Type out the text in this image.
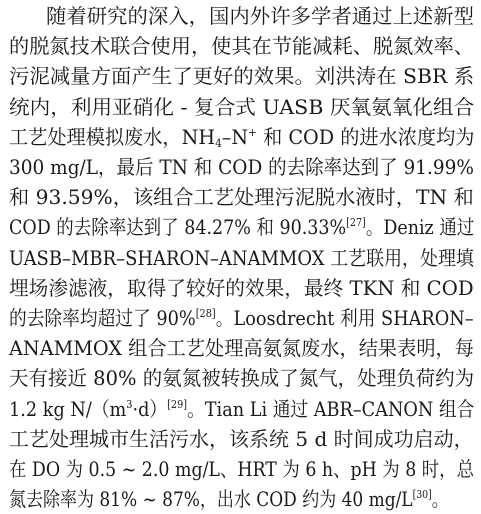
随着研究的深入，国内外许多学者通过上述新型
的脱氮技术联合使用，使其在节能减耗、脱氮效率、
污泥减量方面产生了更好的效果。刘洪涛在 SBR 系
统内，利用亚硝化 - 复合式 UASB 厌氧氨氧化组合
工艺处理模拟废水，$NH_4-N^+$ 和 COD 的进水浓度均为
300 mg/L，最后 TN 和 COD 的去除率达到了 91.99%
和 93.59%，该组合工艺处理污泥脱水液时，TN 和
COD 的去除率达到了 84.27% 和 90.33%[27]。Deniz 通过
UASB–MBR–SHARON–ANAMMOX 工艺联用，处理填
埋场渗滤液，取得了较好的效果，最终 TKN 和 COD
的去除率均超过了 90%[28]。Loosdrecht 利用 SHARON–
ANAMMOX 组合工艺处理高氨氮废水，结果表明，每
天有接近 80% 的氨氮被转换成了氮气，处理负荷约为
1.2 kg $N/(m^3\cdot d)[29]$。Tian Li 通过 ABR–CANON 组合
工艺处理城市生活污水，该系统 5 d 时间成功启动，
在 DO 为 0.5 ~ 2.0 mg/L、HRT 为 6 h、pH 为 8 时，总
氮去除率为 81% ~ 87%，出水 COD 约为 40 mg/L[30]。
